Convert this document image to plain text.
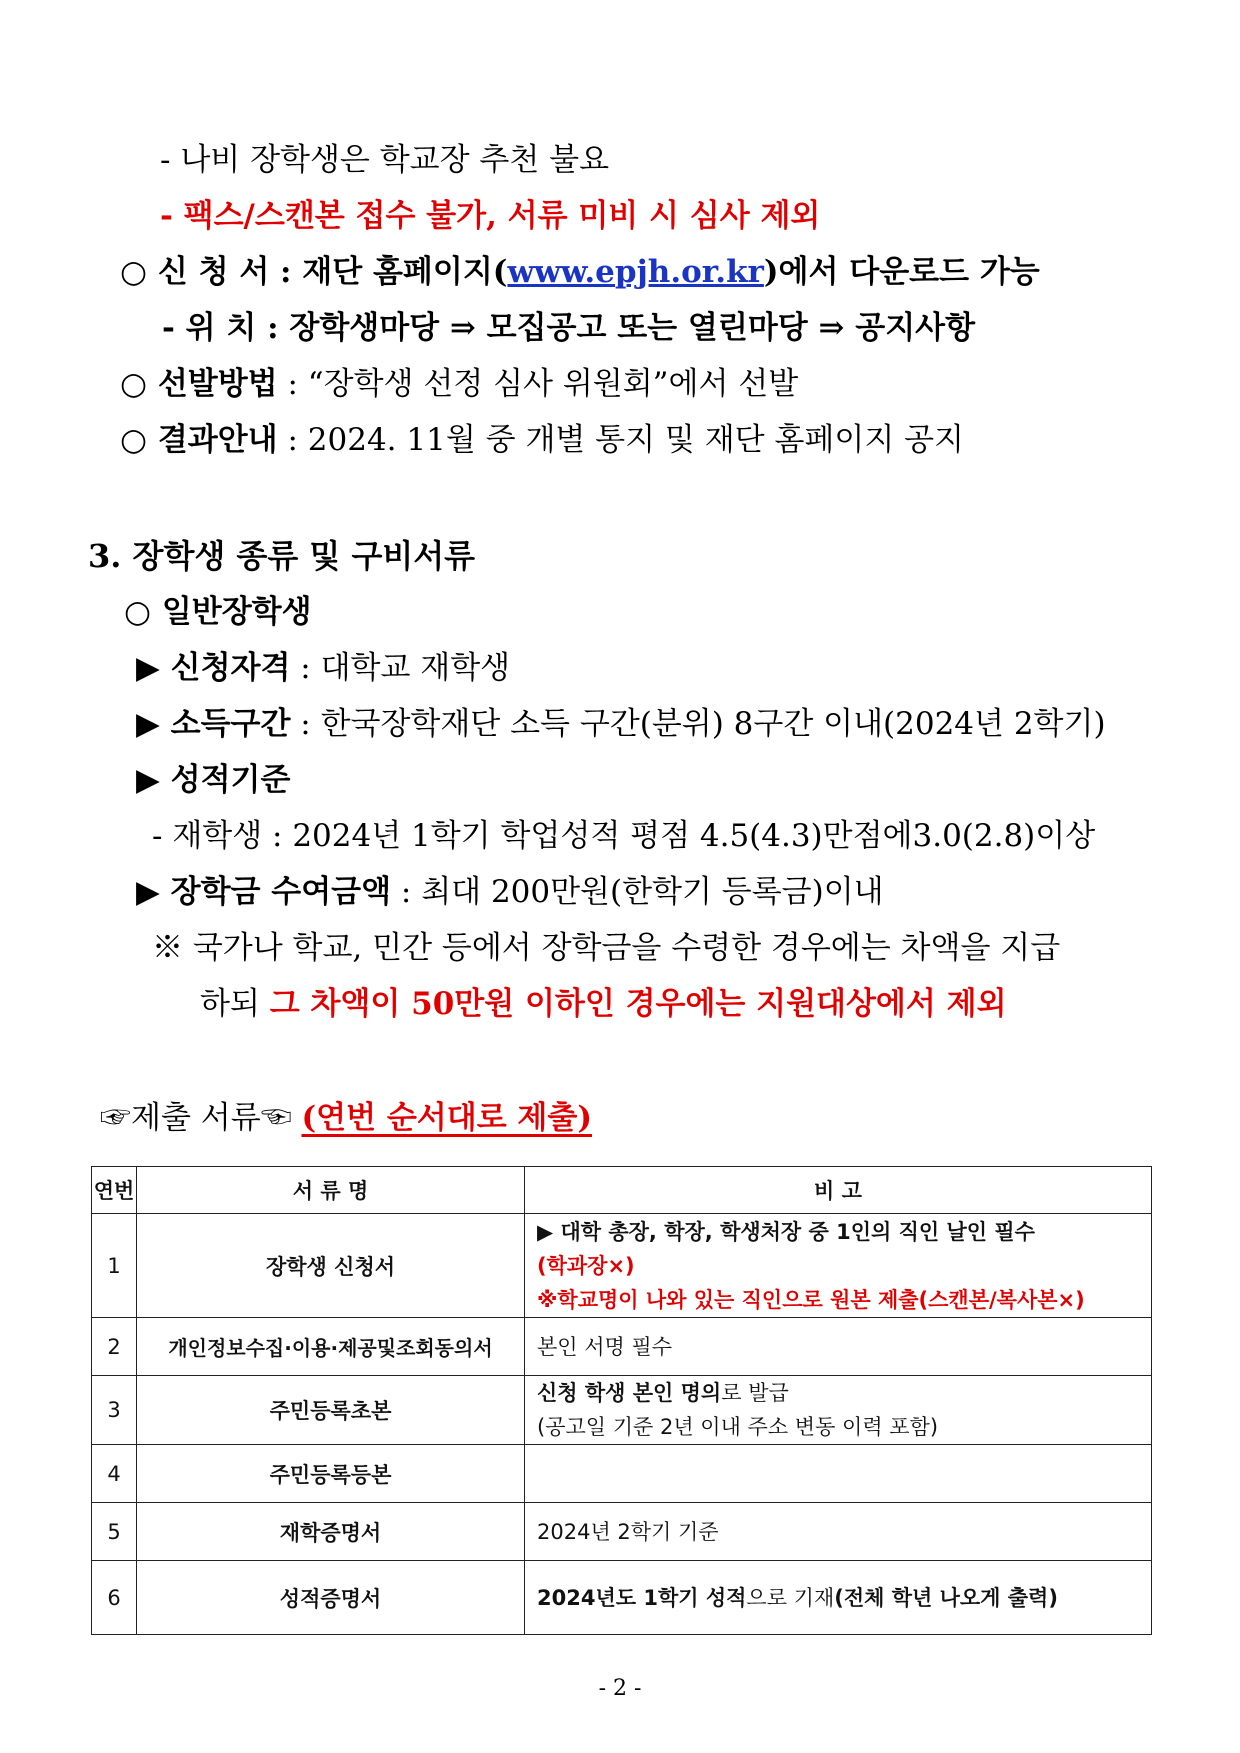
- 나비 장학생은 학교장 추천 불요
- 팩스/스캔본 접수 불가, 서류 미비 시 심사 제외
○ 신 청 서 : 재단 홈페이지(www.epjh.or.kr)에서 다운로드 가능
- 위 치 : 장학생마당 ⇒ 모집공고 또는 열린마당 ⇒ 공지사항
○ 선발방법 : “장학생 선정 심사 위원회”에서 선발
○ 결과안내 : 2024. 11월 중 개별 통지 및 재단 홈페이지 공지
3. 장학생 종류 및 구비서류
○ 일반장학생
▶ 신청자격 : 대학교 재학생
▶ 소득구간 : 한국장학재단 소득 구간(분위) 8구간 이내(2024년 2학기)
▶ 성적기준
- 재학생 : 2024년 1학기 학업성적 평점 4.5(4.3)만점에3.0(2.8)이상
▶ 장학금 수여금액 : 최대 200만원(한학기 등록금)이내
※ 국가나 학교, 민간 등에서 장학금을 수령한 경우에는 차액을 지급
하되 그 차액이 50만원 이하인 경우에는 지원대상에서 제외
☞제출 서류☜ (연번 순서대로 제출)
연번	서 류 명	비 고
1	장학생 신청서	▶ 대학 총장, 학장, 학생처장 중 1인의 직인 날인 필수
(학과장×)
※학교명이 나와 있는 직인으로 원본 제출(스캔본/복사본×)

2	개인정보수집·이용·제공및조회동의서	본인 서명 필수
3	주민등록초본	신청 학생 본인 명의로 발급
(공고일 기준 2년 이내 주소 변동 이력 포함)

4	주민등록등본	
5	재학증명서	2024년 2학기 기준
6	성적증명서	2024년도 1학기 성적으로 기재(전체 학년 나오게 출력)
- 2 -
